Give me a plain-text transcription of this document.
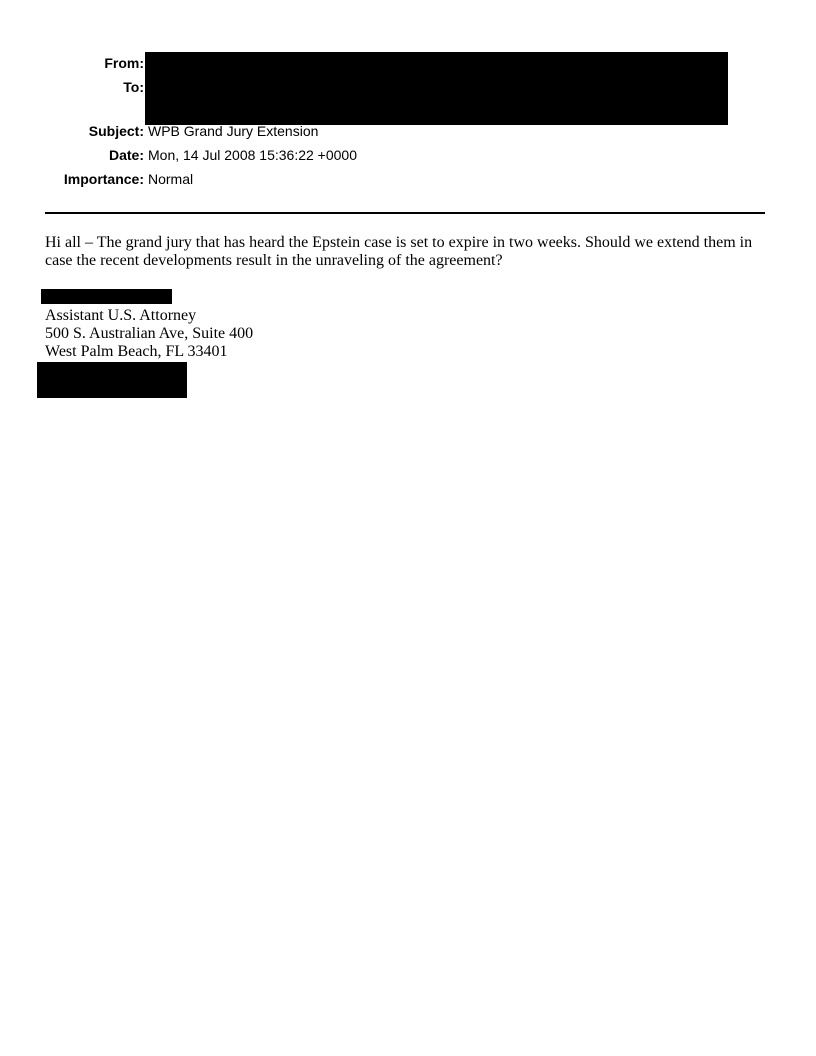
From:
To:
Subject: WPB Grand Jury Extension
Date: Mon, 14 Jul 2008 15:36:22 +0000
Importance: Normal

Hi all – The grand jury that has heard the Epstein case is set to expire in two weeks. Should we extend them in case the recent developments result in the unraveling of the agreement?

Assistant U.S. Attorney
500 S. Australian Ave, Suite 400
West Palm Beach, FL 33401
